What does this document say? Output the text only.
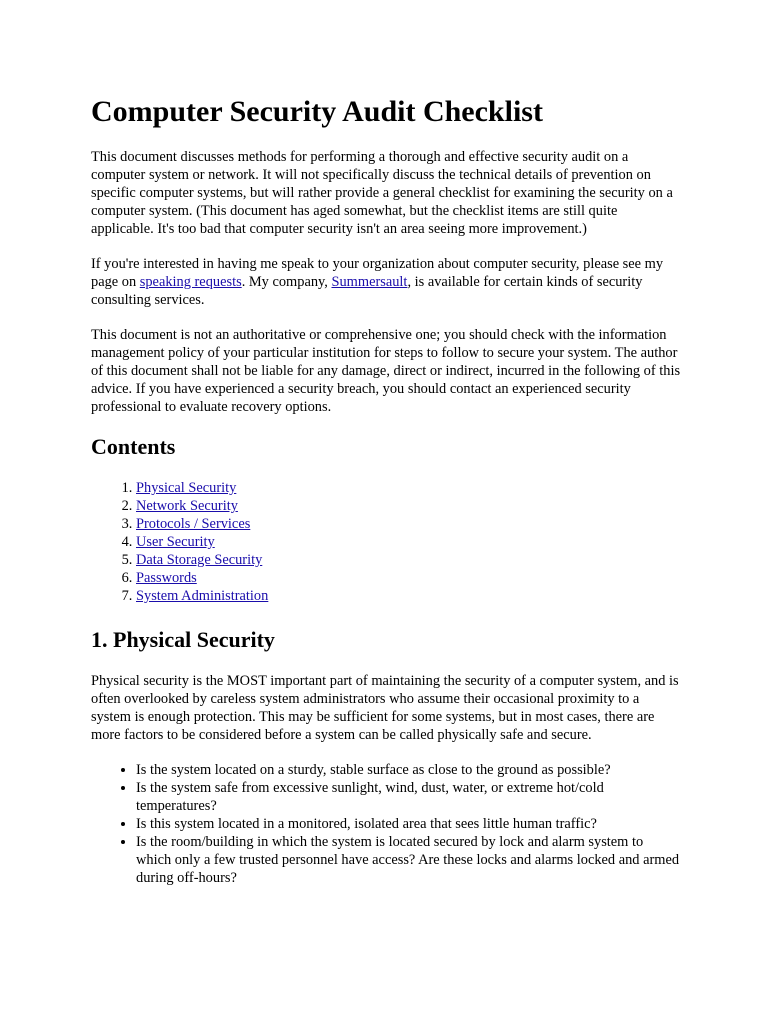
Computer Security Audit Checklist

This document discusses methods for performing a thorough and effective security audit on a computer system or network. It will not specifically discuss the technical details of prevention on specific computer systems, but will rather provide a general checklist for examining the security on a computer system. (This document has aged somewhat, but the checklist items are still quite applicable. It's too bad that computer security isn't an area seeing more improvement.)

If you're interested in having me speak to your organization about computer security, please see my page on speaking requests. My company, Summersault, is available for certain kinds of security consulting services.

This document is not an authoritative or comprehensive one; you should check with the information management policy of your particular institution for steps to follow to secure your system. The author of this document shall not be liable for any damage, direct or indirect, incurred in the following of this advice. If you have experienced a security breach, you should contact an experienced security professional to evaluate recovery options.

Contents
1. Physical Security
2. Network Security
3. Protocols / Services
4. User Security
5. Data Storage Security
6. Passwords
7. System Administration
1. Physical Security

Physical security is the MOST important part of maintaining the security of a computer system, and is often overlooked by careless system administrators who assume their occasional proximity to a system is enough protection. This may be sufficient for some systems, but in most cases, there are more factors to be considered before a system can be called physically safe and secure.

• Is the system located on a sturdy, stable surface as close to the ground as possible?
• Is the system safe from excessive sunlight, wind, dust, water, or extreme hot/cold temperatures?
• Is this system located in a monitored, isolated area that sees little human traffic?
• Is the room/building in which the system is located secured by lock and alarm system to which only a few trusted personnel have access? Are these locks and alarms locked and armed during off-hours?
